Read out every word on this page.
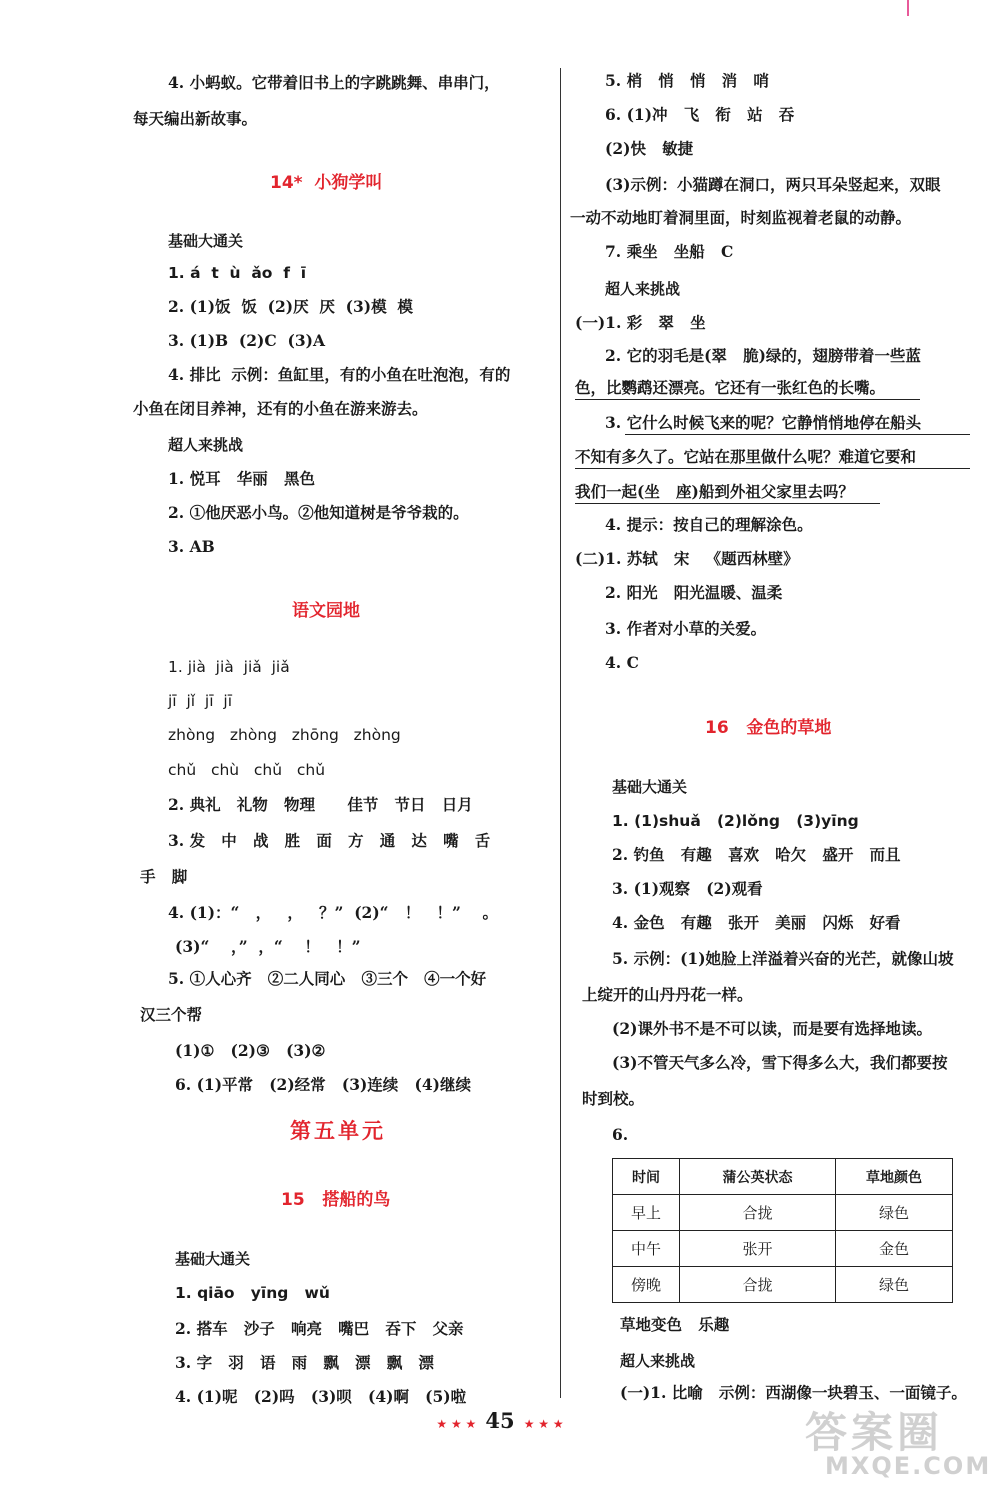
4. 小蚂蚁。它带着旧书上的字跳跳舞、串串门，
每天编出新故事。
14*  小狗学叫
基础大通关
1. á  t  ù  ǎo  f  ī
2. (1)饭  饭  (2)厌  厌  (3)模  模
3. (1)B  (2)C  (3)A
4. 排比  示例：鱼缸里，有的小鱼在吐泡泡，有的
小鱼在闭目养神，还有的小鱼在游来游去。
超人来挑战
1. 悦耳   华丽   黑色
2. ①他厌恶小鸟。②他知道树是爷爷栽的。
3. AB
语文园地
1. jià  jià  jiǎ  jiǎ
jī  jǐ  jī  jī
zhòng   zhòng   zhōng   zhòng
chǔ   chù   chǔ   chǔ
2. 典礼   礼物   物理      佳节   节日   日月
3. 发   中   战   胜   面   方   通   达   嘴   舌
手   脚
4. (1)：“   ，   ，   ？”  (2)“   ！   ！”    。
(3)“    ，”  ，“    ！   ！”
5. ①人心齐   ②二人同心   ③三个   ④一个好
汉三个帮
(1)①   (2)③   (3)②
6. (1)平常   (2)经常   (3)连续   (4)继续
第五单元
15   搭船的鸟
基础大通关
1. qiāo   yīng   wǔ
2. 搭车   沙子   响亮   嘴巴   吞下   父亲
3. 字   羽   语   雨   飘   漂   飘   漂
4. (1)呢   (2)吗   (3)呗   (4)啊   (5)啦
5. 梢   悄   悄   消   哨
6. (1)冲   飞   衔   站   吞
(2)快   敏捷
(3)示例：小猫蹲在洞口，两只耳朵竖起来，双眼
一动不动地盯着洞里面，时刻监视着老鼠的动静。
7. 乘坐   坐船   C
超人来挑战
(一)1. 彩   翠   坐
2. 它的羽毛是(翠   脆)绿的，翅膀带着一些蓝
色，比鹦鹉还漂亮。它还有一张红色的长嘴。
3. 它什么时候飞来的呢？它静悄悄地停在船头
不知有多久了。它站在那里做什么呢？难道它要和
我们一起(坐   座)船到外祖父家里去吗？
4. 提示：按自己的理解涂色。
(二)1. 苏轼   宋   《题西林壁》
2. 阳光   阳光温暖、温柔
3. 作者对小草的关爱。
4. C
16   金色的草地
基础大通关
1. (1)shuǎ   (2)lǒng   (3)yīng
2. 钓鱼   有趣   喜欢   哈欠   盛开   而且
3. (1)观察   (2)观看
4. 金色   有趣   张开   美丽   闪烁   好看
5. 示例：(1)她脸上洋溢着兴奋的光芒，就像山坡
上绽开的山丹丹花一样。
(2)课外书不是不可以读，而是要有选择地读。
(3)不管天气多么冷，雪下得多么大，我们都要按
时到校。
6.
时间	蒲公英状态	草地颜色
早上	合拢	绿色
中午	张开	金色
傍晚	合拢	绿色
草地变色   乐趣
超人来挑战
(一)1. 比喻   示例：西湖像一块碧玉、一面镜子。
★ ★ ★ 45 ★ ★ ★	答案圈
MXQE.COM
